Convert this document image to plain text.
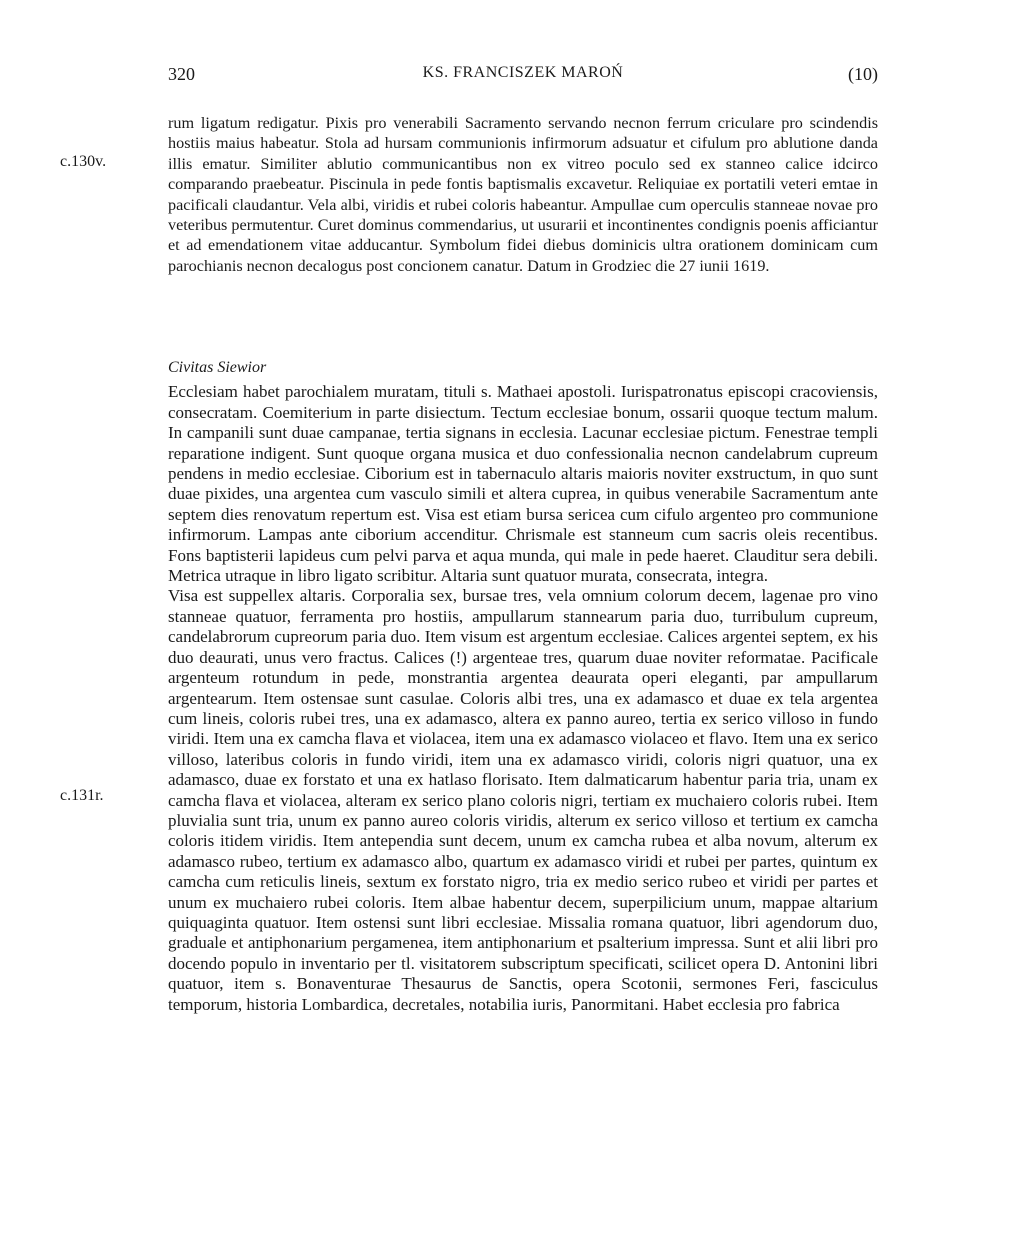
320	KS. FRANCISZEK MAROŃ	(10)
c.130v.
c.131r.

rum ligatum redigatur. Pixis pro venerabili Sacramento servando necnon ferrum criculare pro scindendis hostiis maius habeatur. Stola ad hursam communionis infirmorum adsuatur et cifulum pro ablutione danda illis ematur. Similiter ablutio communicantibus non ex vitreo poculo sed ex stanneo calice idcirco comparando praebeatur. Piscinula in pede fontis baptismalis excavetur. Reliquiae ex portatili veteri emtae in pacificali claudantur. Vela albi, viridis et rubei coloris habeantur. Ampullae cum operculis stanneae novae pro veteribus permutentur. Curet dominus commendarius, ut usurarii et incontinentes condignis poenis afficiantur et ad emendationem vitae adducantur. Symbolum fidei diebus dominicis ultra orationem dominicam cum parochianis necnon decalogus post concionem canatur. Datum in Grodziec die 27 iunii 1619.

Civitas Siewior

Ecclesiam habet parochialem muratam, tituli s. Mathaei apostoli. Iurispatronatus episcopi cracoviensis, consecratam. Coemiterium in parte disiectum. Tectum ecclesiae bonum, ossarii quoque tectum malum. In campanili sunt duae campanae, tertia signans in ecclesia. Lacunar ecclesiae pictum. Fenestrae templi reparatione indigent. Sunt quoque organa musica et duo confessionalia necnon candelabrum cupreum pendens in medio ecclesiae. Ciborium est in tabernaculo altaris maioris noviter exstructum, in quo sunt duae pixides, una argentea cum vasculo simili et altera cuprea, in quibus venerabile Sacramentum ante septem dies renovatum repertum est. Visa est etiam bursa sericea cum cifulo argenteo pro communione infirmorum. Lampas ante ciborium accenditur. Chrismale est stanneum cum sacris oleis recentibus. Fons baptisterii lapideus cum pelvi parva et aqua munda, qui male in pede haeret. Clauditur sera debili. Metrica utraque in libro ligato scribitur. Altaria sunt quatuor murata, consecrata, integra.

Visa est suppellex altaris. Corporalia sex, bursae tres, vela omnium colorum decem, lagenae pro vino stanneae quatuor, ferramenta pro hostiis, ampullarum stannearum paria duo, turribulum cupreum, candelabrorum cupreorum paria duo. Item visum est argentum ecclesiae. Calices argentei septem, ex his duo deaurati, unus vero fractus. Calices (!) argenteae tres, quarum duae noviter reformatae. Pacificale argenteum rotundum in pede, monstrantia argentea deaurata operi eleganti, par ampullarum argentearum. Item ostensae sunt casulae. Coloris albi tres, una ex adamasco et duae ex tela argentea cum lineis, coloris rubei tres, una ex adamasco, altera ex panno aureo, tertia ex serico villoso in fundo viridi. Item una ex camcha flava et violacea, item una ex adamasco violaceo et flavo. Item una ex serico villoso, lateribus coloris in fundo viridi, item una ex adamasco viridi, coloris nigri quatuor, una ex adamasco, duae ex forstato et una ex hatlaso florisato. Item dalmaticarum habentur paria tria, unam ex camcha flava et violacea, alteram ex serico plano coloris nigri, tertiam ex muchaiero coloris rubei. Item pluvialia sunt tria, unum ex panno aureo coloris viridis, alterum ex serico villoso et tertium ex camcha coloris itidem viridis. Item antependia sunt decem, unum ex camcha rubea et alba novum, alterum ex adamasco rubeo, tertium ex adamasco albo, quartum ex adamasco viridi et rubei per partes, quintum ex camcha cum reticulis lineis, sextum ex forstato nigro, tria ex medio serico rubeo et viridi per partes et unum ex muchaiero rubei coloris. Item albae habentur decem, superpilicium unum, mappae altarium quiquaginta quatuor. Item ostensi sunt libri ecclesiae. Missalia romana quatuor, libri agendorum duo, graduale et antiphonarium pergamenea, item antiphonarium et psalterium impressa. Sunt et alii libri pro docendo populo in inventario per tl. visitatorem subscriptum specificati, scilicet opera D. Antonini libri quatuor, item s. Bonaventurae Thesaurus de Sanctis, opera Scotonii, sermones Feri, fasciculus temporum, historia Lombardica, decretales, notabilia iuris, Panormitani. Habet ecclesia pro fabrica
